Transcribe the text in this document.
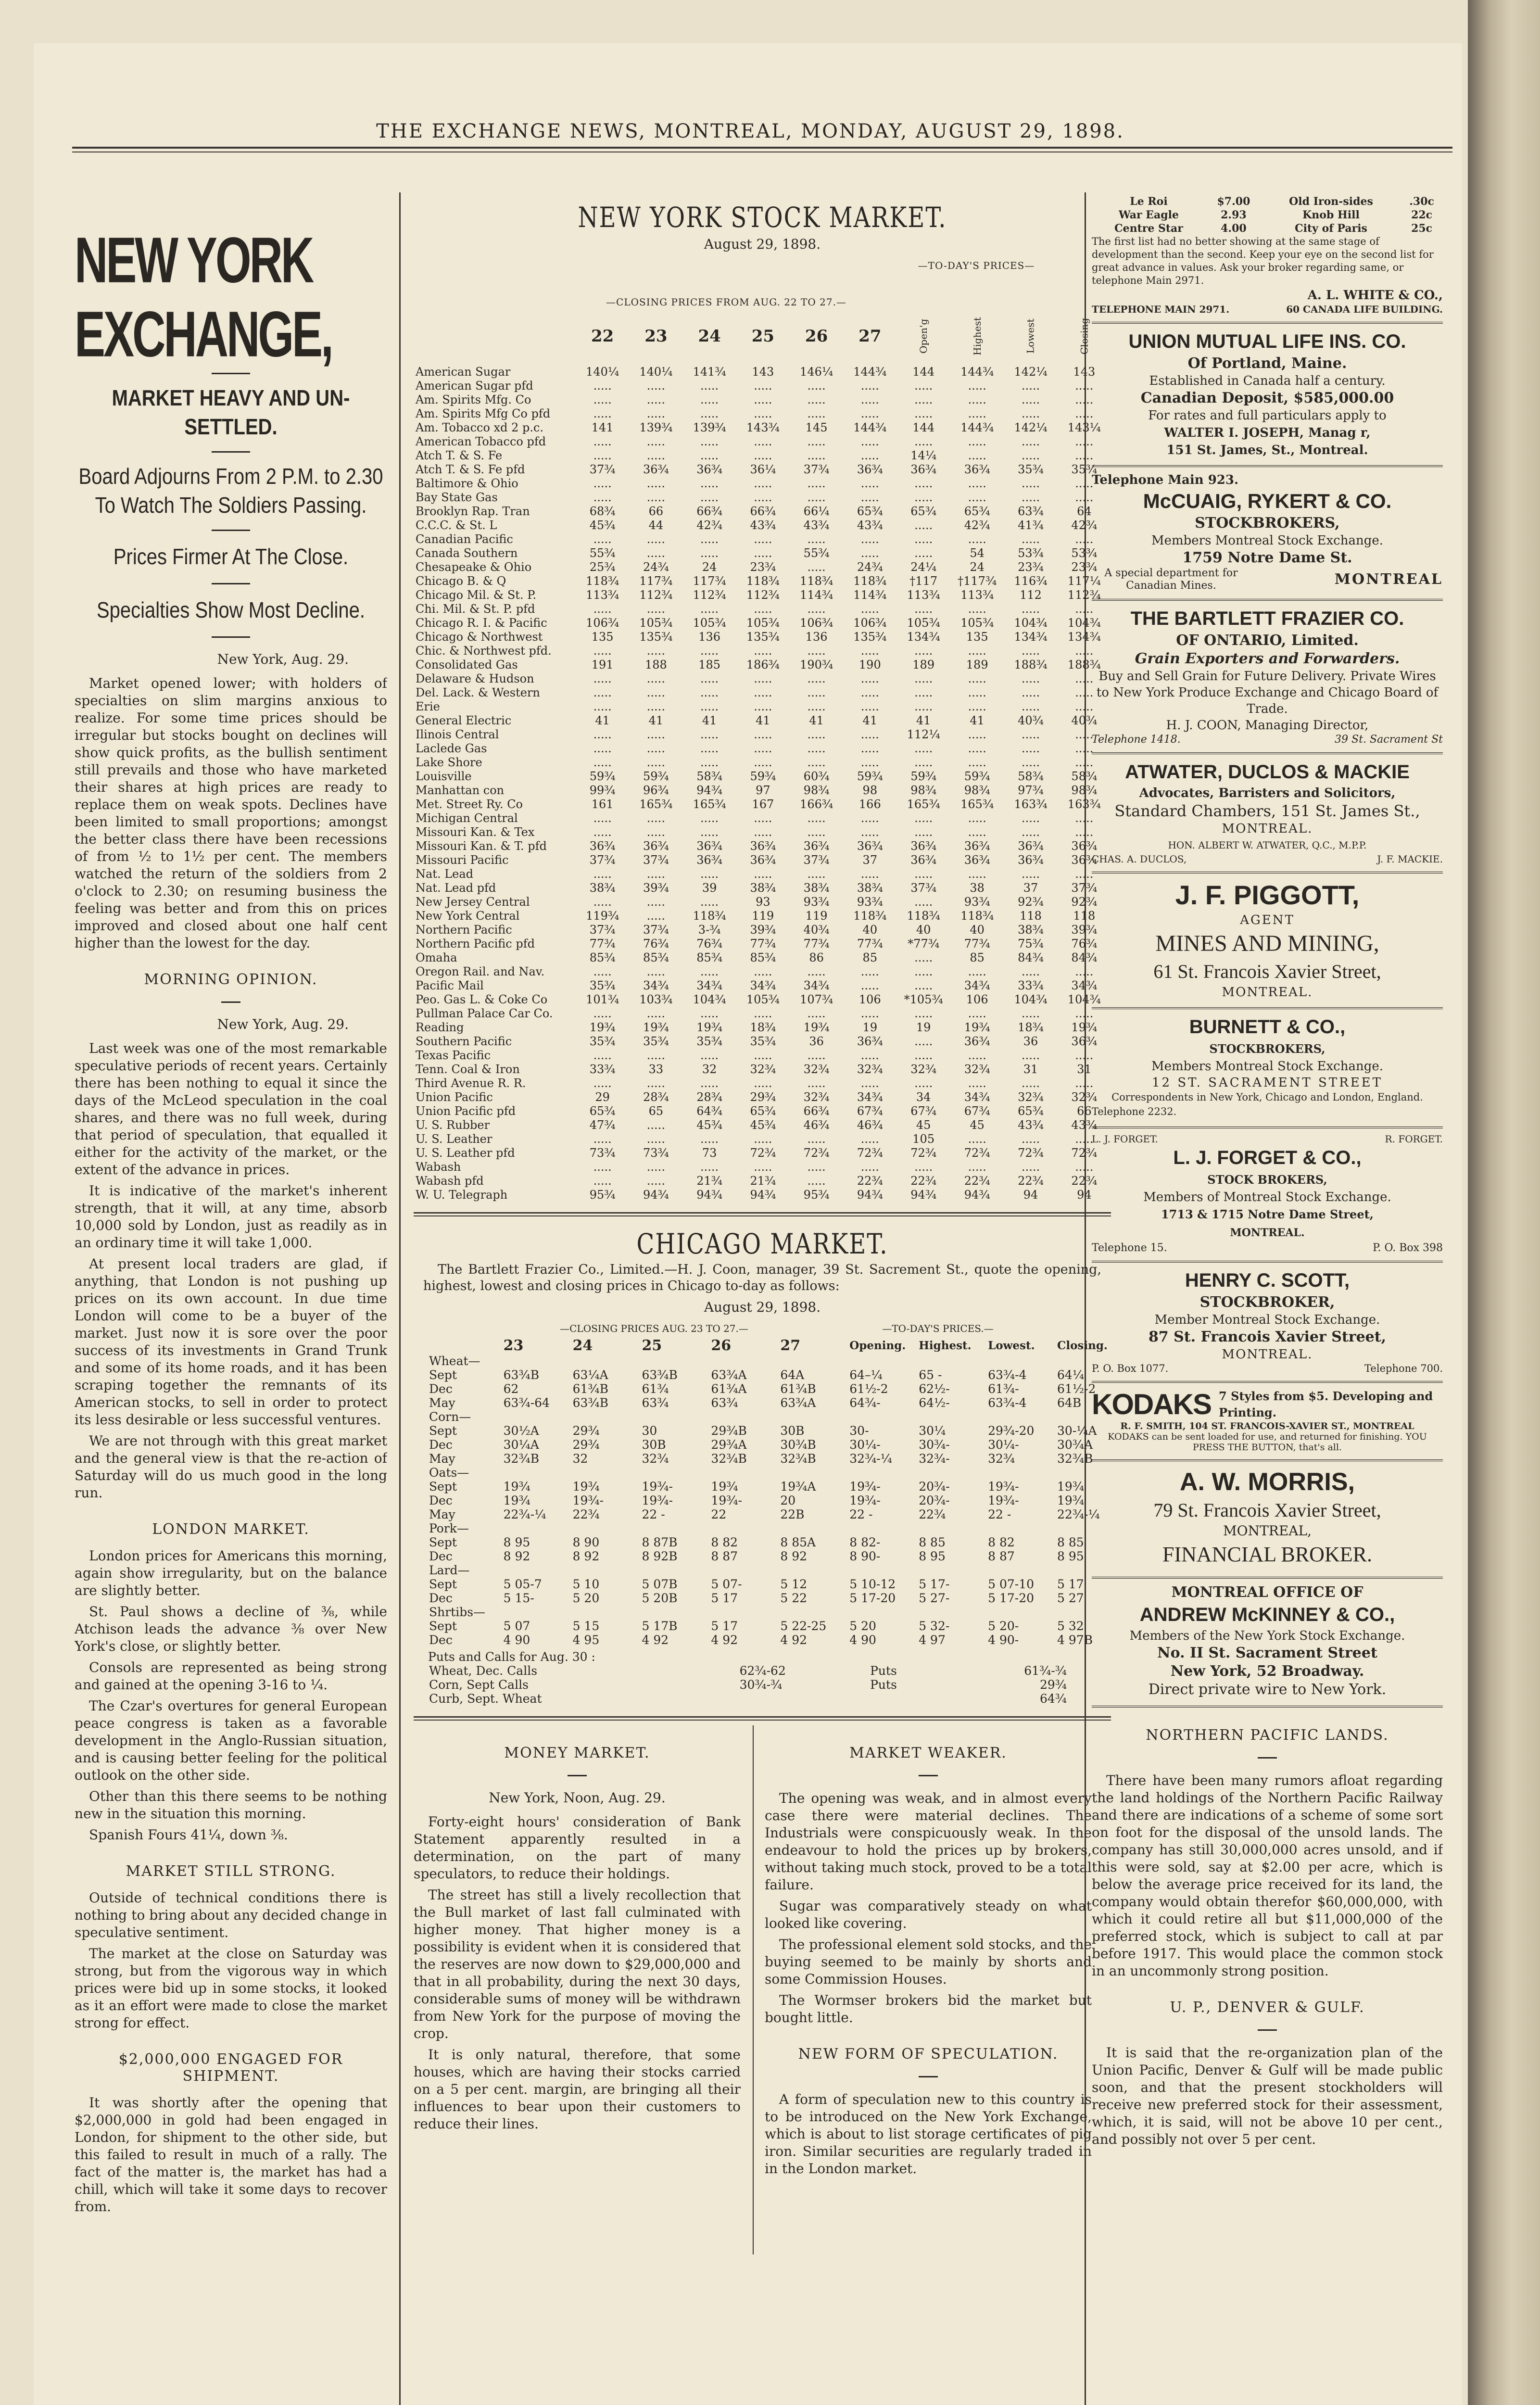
THE EXCHANGE NEWS, MONTREAL, MONDAY, AUGUST 29, 1898.
NEW YORK EXCHANGE,
MARKET HEAVY AND UN- SETTLED.
Board Adjourns From 2 P.M. to 2.30 To Watch The Soldiers Passing.
Prices Firmer At The Close.
Specialties Show Most Decline.
New York, Aug. 29.

Market opened lower; with holders of specialties on slim margins anxious to realize. For some time prices should be irregular but stocks bought on declines will show quick profits, as the bullish sentiment still prevails and those who have marketed their shares at high prices are ready to replace them on weak spots. Declines have been limited to small proportions; amongst the better class there have been recessions of from ½ to 1½ per cent. The members watched the return of the soldiers from 2 o'clock to 2.30; on resuming business the feeling was better and from this on prices improved and closed about one half cent higher than the lowest for the day.

MORNING OPINION.
New York, Aug. 29.

Last week was one of the most remarkable speculative periods of recent years. Certainly there has been nothing to equal it since the days of the McLeod speculation in the coal shares, and there was no full week, during that period of speculation, that equalled it either for the activity of the market, or the extent of the advance in prices.

It is indicative of the market's inherent strength, that it will, at any time, absorb 10,000 sold by London, just as readily as in an ordinary time it will take 1,000.

At present local traders are glad, if anything, that London is not pushing up prices on its own account. In due time London will come to be a buyer of the market. Just now it is sore over the poor success of its investments in Grand Trunk and some of its home roads, and it has been scraping together the remnants of its American stocks, to sell in order to protect its less desirable or less successful ventures.

We are not through with this great market and the general view is that the re-action of Saturday will do us much good in the long run.

LONDON MARKET.

London prices for Americans this morning, again show irregularity, but on the balance are slightly better.

St. Paul shows a decline of ⅜, while Atchison leads the advance ⅜ over New York's close, or slightly better.

Consols are represented as being strong and gained at the opening 3-16 to ¼.

The Czar's overtures for general European peace congress is taken as a favorable development in the Anglo-Russian situation, and is causing better feeling for the political outlook on the other side.

Other than this there seems to be nothing new in the situation this morning.

Spanish Fours 41¼, down ⅜.

MARKET STILL STRONG.

Outside of technical conditions there is nothing to bring about any decided change in speculative sentiment.

The market at the close on Saturday was strong, but from the vigorous way in which prices were bid up in some stocks, it looked as it an effort were made to close the market strong for effect.

$2,000,000 ENGAGED FOR SHIPMENT.

It was shortly after the opening that $2,000,000 in gold had been engaged in London, for shipment to the other side, but this failed to result in much of a rally. The fact of the matter is, the market has had a chill, which will take it some days to recover from.

NEW YORK STOCK MARKET.
August 29, 1898.
—CLOSING PRICES FROM AUG. 22 TO 27.—
—TO-DAY'S PRICES—
	22	23	24	25	26	27	Open'g	Highest	Lowest	Closing
American Sugar	140¼	140¼	141¾	143	146¼	144¾	144	144¾	142¼	143
American Sugar pfd	.....	.....	.....	.....	.....	.....	.....	.....	.....	.....
Am. Spirits Mfg. Co	.....	.....	.....	.....	.....	.....	.....	.....	.....	.....
Am. Spirits Mfg Co pfd	.....	.....	.....	.....	.....	.....	.....	.....	.....	.....
Am. Tobacco xd 2 p.c.	141	139¾	139¾	143¾	145	144¾	144	144¾	142¼	143¼
American Tobacco pfd	.....	.....	.....	.....	.....	.....	.....	.....	.....	.....
Atch T. & S. Fe	.....	.....	.....	.....	.....	.....	14¼	.....	.....	.....
Atch T. & S. Fe pfd	37¾	36¾	36¾	36¼	37¾	36¾	36¾	36¾	35¾	35¾
Baltimore & Ohio	.....	.....	.....	.....	.....	.....	.....	.....	.....	.....
Bay State Gas	.....	.....	.....	.....	.....	.....	.....	.....	.....	.....
Brooklyn Rap. Tran	68¾	66	66¾	66¾	66¼	65¾	65¾	65¾	63¾	64
C.C.C. & St. L	45¾	44	42¾	43¾	43¾	43¾	.....	42¾	41¾	42¾
Canadian Pacific	.....	.....	.....	.....	.....	.....	.....	.....	.....	.....
Canada Southern	55¾	.....	.....	.....	55¾	.....	.....	54	53¾	53¾
Chesapeake & Ohio	25¾	24¾	24	23¾	.....	24¾	24¼	24	23¾	23¾
Chicago B. & Q	118¾	117¾	117¾	118¾	118¾	118¾	†117	†117¾	116¾	117¼
Chicago Mil. & St. P.	113¾	112¾	112¾	112¾	114¾	114¾	113¾	113¾	112	112¾
Chi. Mil. & St. P. pfd	.....	.....	.....	.....	.....	.....	.....	.....	.....	.....
Chicago R. I. & Pacific	106¾	105¾	105¾	105¾	106¾	106¾	105¾	105¾	104¾	104¾
Chicago & Northwest	135	135¾	136	135¾	136	135¾	134¾	135	134¾	134¾
Chic. & Northwest pfd.	.....	.....	.....	.....	.....	.....	.....	.....	.....	.....
Consolidated Gas	191	188	185	186¾	190¾	190	189	189	188¾	188¾
Delaware & Hudson	.....	.....	.....	.....	.....	.....	.....	.....	.....	.....
Del. Lack. & Western	.....	.....	.....	.....	.....	.....	.....	.....	.....	.....
Erie	.....	.....	.....	.....	.....	.....	.....	.....	.....	.....
General Electric	41	41	41	41	41	41	41	41	40¾	40¾
Ilinois Central	.....	.....	.....	.....	.....	.....	112¼	.....	.....	.....
Laclede Gas	.....	.....	.....	.....	.....	.....	.....	.....	.....	.....
Lake Shore	.....	.....	.....	.....	.....	.....	.....	.....	.....	.....
Louisville	59¾	59¾	58¾	59¾	60¾	59¾	59¾	59¾	58¾	58¾
Manhattan con	99¾	96¾	94¾	97	98¾	98	98¾	98¾	97¾	98¾
Met. Street Ry. Co	161	165¾	165¾	167	166¾	166	165¾	165¾	163¾	163¾
Michigan Central	.....	.....	.....	.....	.....	.....	.....	.....	.....	.....
Missouri Kan. & Tex	.....	.....	.....	.....	.....	.....	.....	.....	.....	.....
Missouri Kan. & T. pfd	36¾	36¾	36¾	36¾	36¾	36¾	36¾	36¾	36¾	36¾
Missouri Pacific	37¾	37¾	36¾	36¾	37¾	37	36¾	36¾	36¾	36¾
Nat. Lead	.....	.....	.....	.....	.....	.....	.....	.....	.....	.....
Nat. Lead pfd	38¾	39¾	39	38¾	38¾	38¾	37¾	38	37	37¾
New Jersey Central	.....	.....	.....	93	93¾	93¾	.....	93¾	92¾	92¾
New York Central	119¾	.....	118¾	119	119	118¾	118¾	118¾	118	118
Northern Pacific	37¾	37¾	3-¾	39¾	40¾	40	40	40	38¾	39¾
Northern Pacific pfd	77¾	76¾	76¾	77¾	77¾	77¾	*77¾	77¾	75¾	76¾
Omaha	85¾	85¾	85¾	85¾	86	85	.....	85	84¾	84¾
Oregon Rail. and Nav.	.....	.....	.....	.....	.....	.....	.....	.....	.....	.....
Pacific Mail	35¾	34¾	34¾	34¾	34¾	.....	.....	34¾	33¾	34¾
Peo. Gas L. & Coke Co	101¾	103¾	104¾	105¾	107¾	106	*105¾	106	104¾	104¾
Pullman Palace Car Co.	.....	.....	.....	.....	.....	.....	.....	.....	.....	.....
Reading	19¾	19¾	19¾	18¾	19¾	19	19	19¾	18¾	19¾
Southern Pacific	35¾	35¾	35¾	35¾	36	36¾	.....	36¾	36	36¾
Texas Pacific	.....	.....	.....	.....	.....	.....	.....	.....	.....	.....
Tenn. Coal & Iron	33¾	33	32	32¾	32¾	32¾	32¾	32¾	31	31
Third Avenue R. R.	.....	.....	.....	.....	.....	.....	.....	.....	.....	.....
Union Pacific	29	28¾	28¾	29¾	32¾	34¾	34	34¾	32¾	32¾
Union Pacific pfd	65¾	65	64¾	65¾	66¾	67¾	67¾	67¾	65¾	66
U. S. Rubber	47¾	.....	45¾	45¾	46¾	46¾	45	45	43¾	43¾
U. S. Leather	.....	.....	.....	.....	.....	.....	105	.....	.....	.....
U. S. Leather pfd	73¾	73¾	73	72¾	72¾	72¾	72¾	72¾	72¾	72¾
Wabash	.....	.....	.....	.....	.....	.....	.....	.....	.....	.....
Wabash pfd	.....	.....	21¾	21¾	.....	22¾	22¾	22¾	22¾	22¾
W. U. Telegraph	95¾	94¾	94¾	94¾	95¾	94¾	94¾	94¾	94	94
CHICAGO MARKET.

The Bartlett Frazier Co., Limited.—H. J. Coon, manager, 39 St. Sacrement St., quote the opening, highest, lowest and closing prices in Chicago to-day as follows:

August 29, 1898.
—CLOSING PRICES AUG. 23 TO 27.—	—TO-DAY'S PRICES.—
	23	24	25	26	27	Opening.	Highest.	Lowest.	Closing.
Wheat—									
Sept	63¾B	63¼A	63¾B	63¾A	64A	64–¼	65 -	63¾-4	64¼
Dec	62	61¾B	61¾	61¾A	61¾B	61½-2	62½-	61¾-	61½-2
May	63¾-64	63¾B	63¾	63¾	63¾A	64¾-	64½-	63¾-4	64B
Corn—									
Sept	30½A	29¾	30	29¾B	30B	30-	30¼	29¾-20	30-¼A
Dec	30¼A	29¾	30B	29¾A	30¾B	30¼-	30¾-	30¼-	30¾A
May	32¾B	32	32¾	32¾B	32¾B	32¾-¼	32¾-	32¾	32¾B
Oats—									
Sept	19¾	19¾	19¾-	19¾	19¾A	19¾-	20¾-	19¾-	19¾
Dec	19¾	19¾-	19¾-	19¾-	20	19¾-	20¾-	19¾-	19¾
May	22¾-¼	22¾	22 -	22	22B	22 -	22¾	22 -	22¾-¼
Pork—									
Sept	8 95	8 90	8 87B	8 82	8 85A	8 82-	8 85	8 82	8 85
Dec	8 92	8 92	8 92B	8 87	8 92	8 90-	8 95	8 87	8 95
Lard—									
Sept	5 05-7	5 10	5 07B	5 07-	5 12	5 10-12	5 17-	5 07-10	5 17
Dec	5 15-	5 20	5 20B	5 17	5 22	5 17-20	5 27-	5 17-20	5 27
Shrtibs—									
Sept	5 07	5 15	5 17B	5 17	5 22-25	5 20	5 32-	5 20-	5 32
Dec	4 90	4 95	4 92	4 92	4 92	4 90	4 97	4 90-	4 97B
Puts and Calls for Aug. 30 :
Wheat, Dec. Calls	62¾-62	Puts	61¾-¾
Corn, Sept Calls	30¾-¾	Puts	29¾
Curb, Sept. Wheat			64¾
MONEY MARKET.
New York, Noon, Aug. 29.

Forty-eight hours' consideration of Bank Statement apparently resulted in a determination, on the part of many speculators, to reduce their holdings.

The street has still a lively recollection that the Bull market of last fall culminated with higher money. That higher money is a possibility is evident when it is considered that the reserves are now down to $29,000,000 and that in all probability, during the next 30 days, considerable sums of money will be withdrawn from New York for the purpose of moving the crop.

It is only natural, therefore, that some houses, which are having their stocks carried on a 5 per cent. margin, are bringing all their influences to bear upon their customers to reduce their lines.

MARKET WEAKER.

The opening was weak, and in almost every case there were material declines. The Industrials were conspicuously weak. In the endeavour to hold the prices up by brokers, without taking much stock, proved to be a total failure.

Sugar was comparatively steady on what looked like covering.

The professional element sold stocks, and the buying seemed to be mainly by shorts and some Commission Houses.

The Wormser brokers bid the market but bought little.

NEW FORM OF SPECULATION.

A form of speculation new to this country is to be introduced on the New York Exchange, which is about to list storage certificates of pig iron. Similar securities are regularly traded in in the London market.

Le Roi	$7.00	Old Iron-sides	.30c
War Eagle	2.93	Knob Hill	22c
Centre Star	4.00	City of Paris	25c
The first list had no better showing at the same stage of development than the second. Keep your eye on the second list for great advance in values. Ask your broker regarding same, or telephone Main 2971.
A. L. WHITE & CO.,
TELEPHONE MAIN 2971.	60 CANADA LIFE BUILDING.
UNION MUTUAL LIFE INS. CO.
Of Portland, Maine.
Established in Canada half a century.
Canadian Deposit, $585,000.00
For rates and full particulars apply to
WALTER I. JOSEPH, Manag r,
151 St. James, St., Montreal.
Telephone Main 923.
McCUAIG, RYKERT & CO.
STOCKBROKERS,
Members Montreal Stock Exchange.
1759 Notre Dame St.
A special department for Canadian Mines.	MONTREAL
THE BARTLETT FRAZIER CO.
OF ONTARIO, Limited.
Grain Exporters and Forwarders.
Buy and Sell Grain for Future Delivery. Private Wires to New York Produce Exchange and Chicago Board of Trade.
H. J. COON, Managing Director,
Telephone 1418.	39 St. Sacrament St
ATWATER, DUCLOS & MACKIE
Advocates, Barristers and Solicitors,
Standard Chambers, 151 St. James St.,
MONTREAL.
HON. ALBERT W. ATWATER, Q.C., M.P.P.
CHAS. A. DUCLOS,	J. F. MACKIE.
J. F. PIGGOTT,
AGENT
MINES AND MINING,
61 St. Francois Xavier Street,
MONTREAL.
BURNETT & CO.,
STOCKBROKERS,
Members Montreal Stock Exchange.
12 ST. SACRAMENT STREET
Correspondents in New York, Chicago and London, England.
Telephone 2232.
L. J. FORGET.	R. FORGET.
L. J. FORGET & CO.,
STOCK BROKERS,
Members of Montreal Stock Exchange.
1713 & 1715 Notre Dame Street,
MONTREAL.
Telephone 15.	P. O. Box 398
HENRY C. SCOTT,
STOCKBROKER,
Member Montreal Stock Exchange.
87 St. Francois Xavier Street,
MONTREAL.
P. O. Box 1077.	Telephone 700.
KODAKS 7 Styles from $5. Developing and Printing.
R. F. SMITH, 104 ST. FRANCOIS-XAVIER ST., MONTREAL
KODAKS can be sent loaded for use, and returned for finishing. YOU PRESS THE BUTTON, that's all.
A. W. MORRIS,
79 St. Francois Xavier Street,
MONTREAL,
FINANCIAL BROKER.
MONTREAL OFFICE OF
ANDREW McKINNEY & CO.,
Members of the New York Stock Exchange.
No. II St. Sacrament Street
New York, 52 Broadway.
Direct private wire to New York.
NORTHERN PACIFIC LANDS.

There have been many rumors afloat regarding the land holdings of the Northern Pacific Railway and there are indications of a scheme of some sort on foot for the disposal of the unsold lands. The company has still 30,000,000 acres unsold, and if this were sold, say at $2.00 per acre, which is below the average price received for its land, the company would obtain therefor $60,000,000, with which it could retire all but $11,000,000 of the preferred stock, which is subject to call at par before 1917. This would place the common stock in an uncommonly strong position.

U. P., DENVER & GULF.

It is said that the re-organization plan of the Union Pacific, Denver & Gulf will be made public soon, and that the present stockholders will receive new preferred stock for their assessment, which, it is said, will not be above 10 per cent., and possibly not over 5 per cent.
